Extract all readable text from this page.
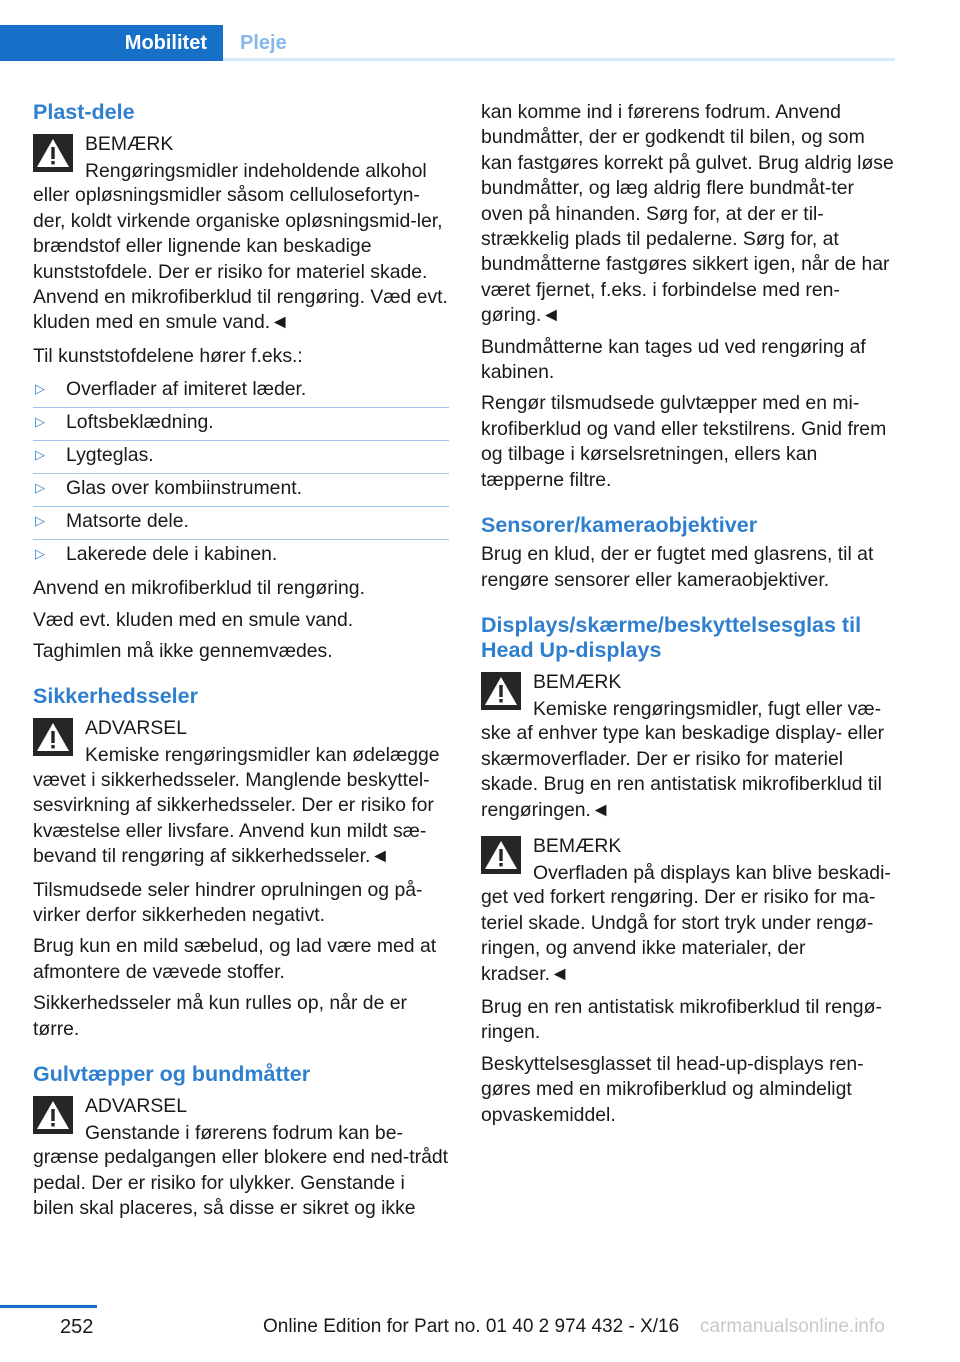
Mobilitet	Pleje
Plast-dele
BEMÆRK
Rengøringsmidler indeholdende alkohol
eller opløsningsmidler såsom cellulosefortyn-der, koldt virkende organiske opløsningsmid-ler, brændstof eller lignende kan beskadige kunststofdele. Der er risiko for materiel skade. Anvend en mikrofiberklud til rengøring. Væd evt. kluden med en smule vand.◄

Til kunststofdelene hører f.eks.:

▷ Overflader af imiteret læder.
▷ Loftsbeklædning.
▷ Lygteglas.
▷ Glas over kombiinstrument.
▷ Matsorte dele.
▷ Lakerede dele i kabinen.

Anvend en mikrofiberklud til rengøring.

Væd evt. kluden med en smule vand.

Taghimlen må ikke gennemvædes.

Sikkerhedsseler
ADVARSEL
Kemiske rengøringsmidler kan ødelægge
vævet i sikkerhedsseler. Manglende beskyttel-sesvirkning af sikkerhedsseler. Der er risiko for kvæstelse eller livsfare. Anvend kun mildt sæ-bevand til rengøring af sikkerhedsseler.◄

Tilsmudsede seler hindrer oprulningen og på-virker derfor sikkerheden negativt.

Brug kun en mild sæbelud, og lad være med at afmontere de vævede stoffer.

Sikkerhedsseler må kun rulles op, når de er tørre.

Gulvtæpper og bundmåtter
ADVARSEL
Genstande i førerens fodrum kan be-
grænse pedalgangen eller blokere end ned-trådt pedal. Der er risiko for ulykker. Genstande i bilen skal placeres, så disse er sikret og ikke

kan komme ind i førerens fodrum. Anvend bundmåtter, der er godkendt til bilen, og som kan fastgøres korrekt på gulvet. Brug aldrig løse bundmåtter, og læg aldrig flere bundmåt-ter oven på hinanden. Sørg for, at der er til-strækkelig plads til pedalerne. Sørg for, at bundmåtterne fastgøres sikkert igen, når de har været fjernet, f.eks. i forbindelse med ren-gøring.◄

Bundmåtterne kan tages ud ved rengøring af kabinen.

Rengør tilsmudsede gulvtæpper med en mi-krofiberklud og vand eller tekstilrens. Gnid frem og tilbage i kørselsretningen, ellers kan tæpperne filtre.

Sensorer/kameraobjektiver

Brug en klud, der er fugtet med glasrens, til at rengøre sensorer eller kameraobjektiver.

Displays/skærme/beskyttelsesglas til Head Up-displays
BEMÆRK
Kemiske rengøringsmidler, fugt eller væ-
ske af enhver type kan beskadige display- eller skærmoverflader. Der er risiko for materiel skade. Brug en ren antistatisk mikrofiberklud til rengøringen.◄
BEMÆRK
Overfladen på displays kan blive beskadi-
get ved forkert rengøring. Der er risiko for ma-teriel skade. Undgå for stort tryk under rengø-ringen, og anvend ikke materialer, der kradser.◄

Brug en ren antistatisk mikrofiberklud til rengø-ringen.

Beskyttelsesglasset til head-up-displays ren-gøres med en mikrofiberklud og almindeligt opvaskemiddel.

252	Online Edition for Part no. 01 40 2 974 432 - X/16 carmanualsonline.info
